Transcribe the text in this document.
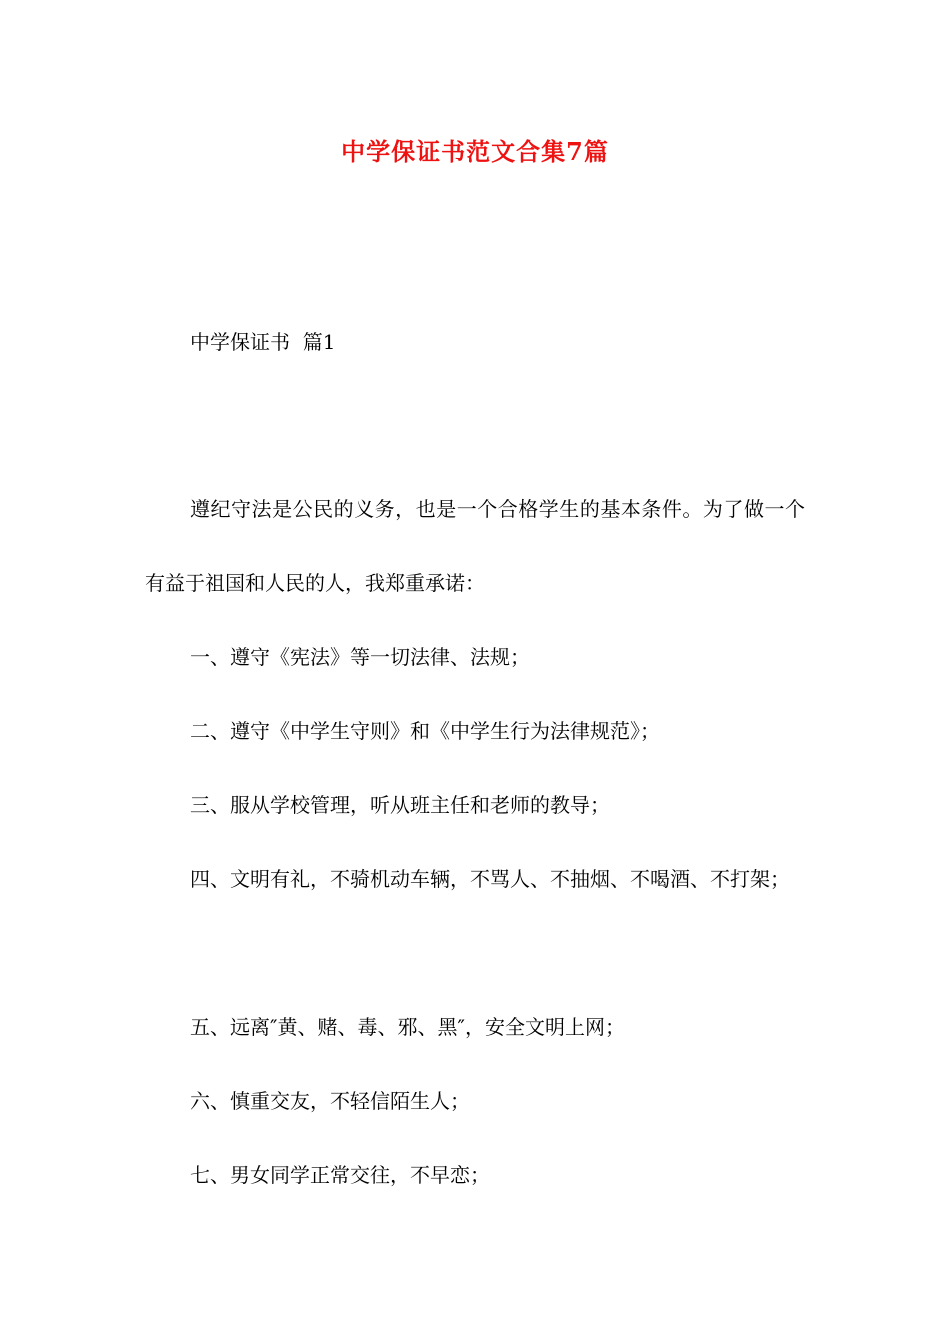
中学保证书范文合集7篇
中学保证书  篇1

遵纪守法是公民的义务，也是一个合格学生的基本条件。为了做一个有益于祖国和人民的人，我郑重承诺：

一、遵守《宪法》等一切法律、法规；

二、遵守《中学生守则》和《中学生行为法律规范》；

三、服从学校管理，听从班主任和老师的教导；

四、文明有礼，不骑机动车辆，不骂人、不抽烟、不喝酒、不打架；

五、远离″黄、赌、毒、邪、黑″，安全文明上网；

六、慎重交友，不轻信陌生人；

七、男女同学正常交往，不早恋；
